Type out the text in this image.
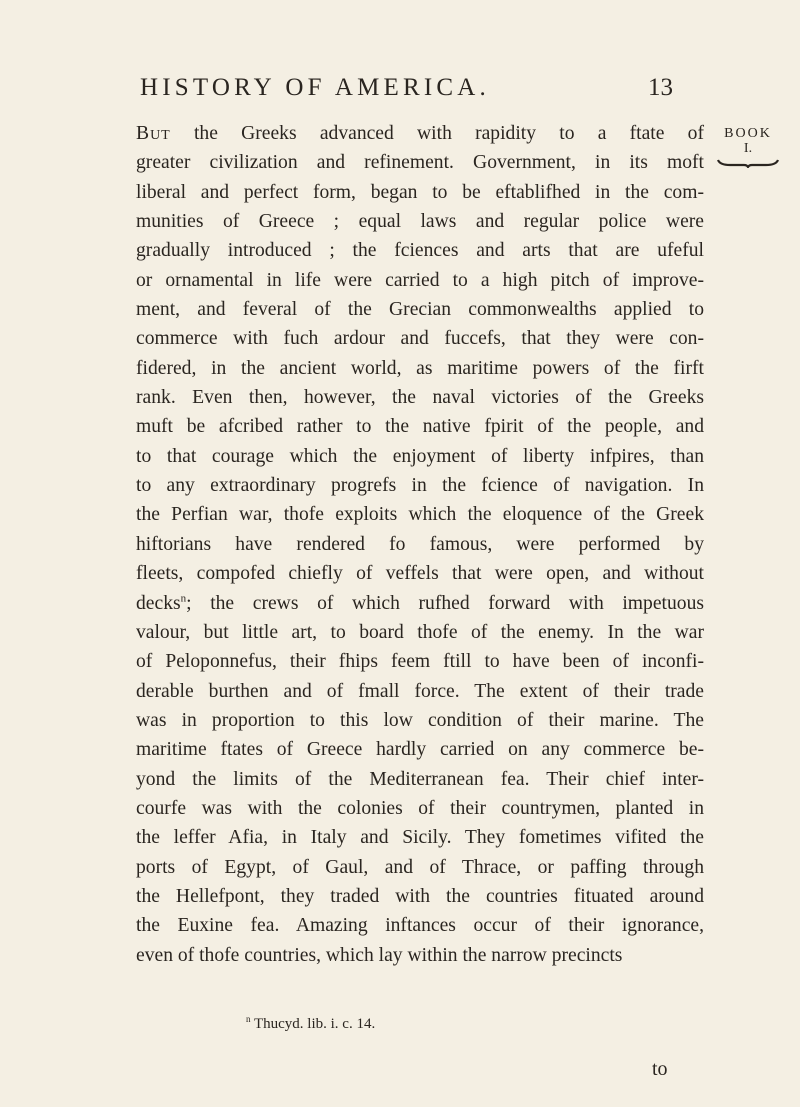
HISTORY OF AMERICA.	13
BOOK
I.
But the Greeks advanced with rapidity to a ftate of
greater civilization and refinement. Government, in its moft
liberal and perfect form, began to be eftablifhed in the com-
munities of Greece ; equal laws and regular police were
gradually introduced ; the fciences and arts that are ufeful
or ornamental in life were carried to a high pitch of improve-
ment, and feveral of the Grecian commonwealths applied to
commerce with fuch ardour and fuccefs, that they were con-
fidered, in the ancient world, as maritime powers of the firft
rank. Even then, however, the naval victories of the Greeks
muft be afcribed rather to the native fpirit of the people, and
to that courage which the enjoyment of liberty infpires, than
to any extraordinary progrefs in the fcience of navigation. In
the Perfian war, thofe exploits which the eloquence of the Greek
hiftorians have rendered fo famous, were performed by
fleets, compofed chiefly of veffels that were open, and without
decks$^n$; the crews of which rufhed forward with impetuous
valour, but little art, to board thofe of the enemy. In the war
of Peloponnefus, their fhips feem ftill to have been of inconfi-
derable burthen and of fmall force. The extent of their trade
was in proportion to this low condition of their marine. The
maritime ftates of Greece hardly carried on any commerce be-
yond the limits of the Mediterranean fea. Their chief inter-
courfe was with the colonies of their countrymen, planted in
the leffer Afia, in Italy and Sicily. They fometimes vifited the
ports of Egypt, of Gaul, and of Thrace, or paffing through
the Hellefpont, they traded with the countries fituated around
the Euxine fea. Amazing inftances occur of their ignorance,
even of thofe countries, which lay within the narrow precincts
$^n$ Thucyd. lib. i. c. 14.
to
